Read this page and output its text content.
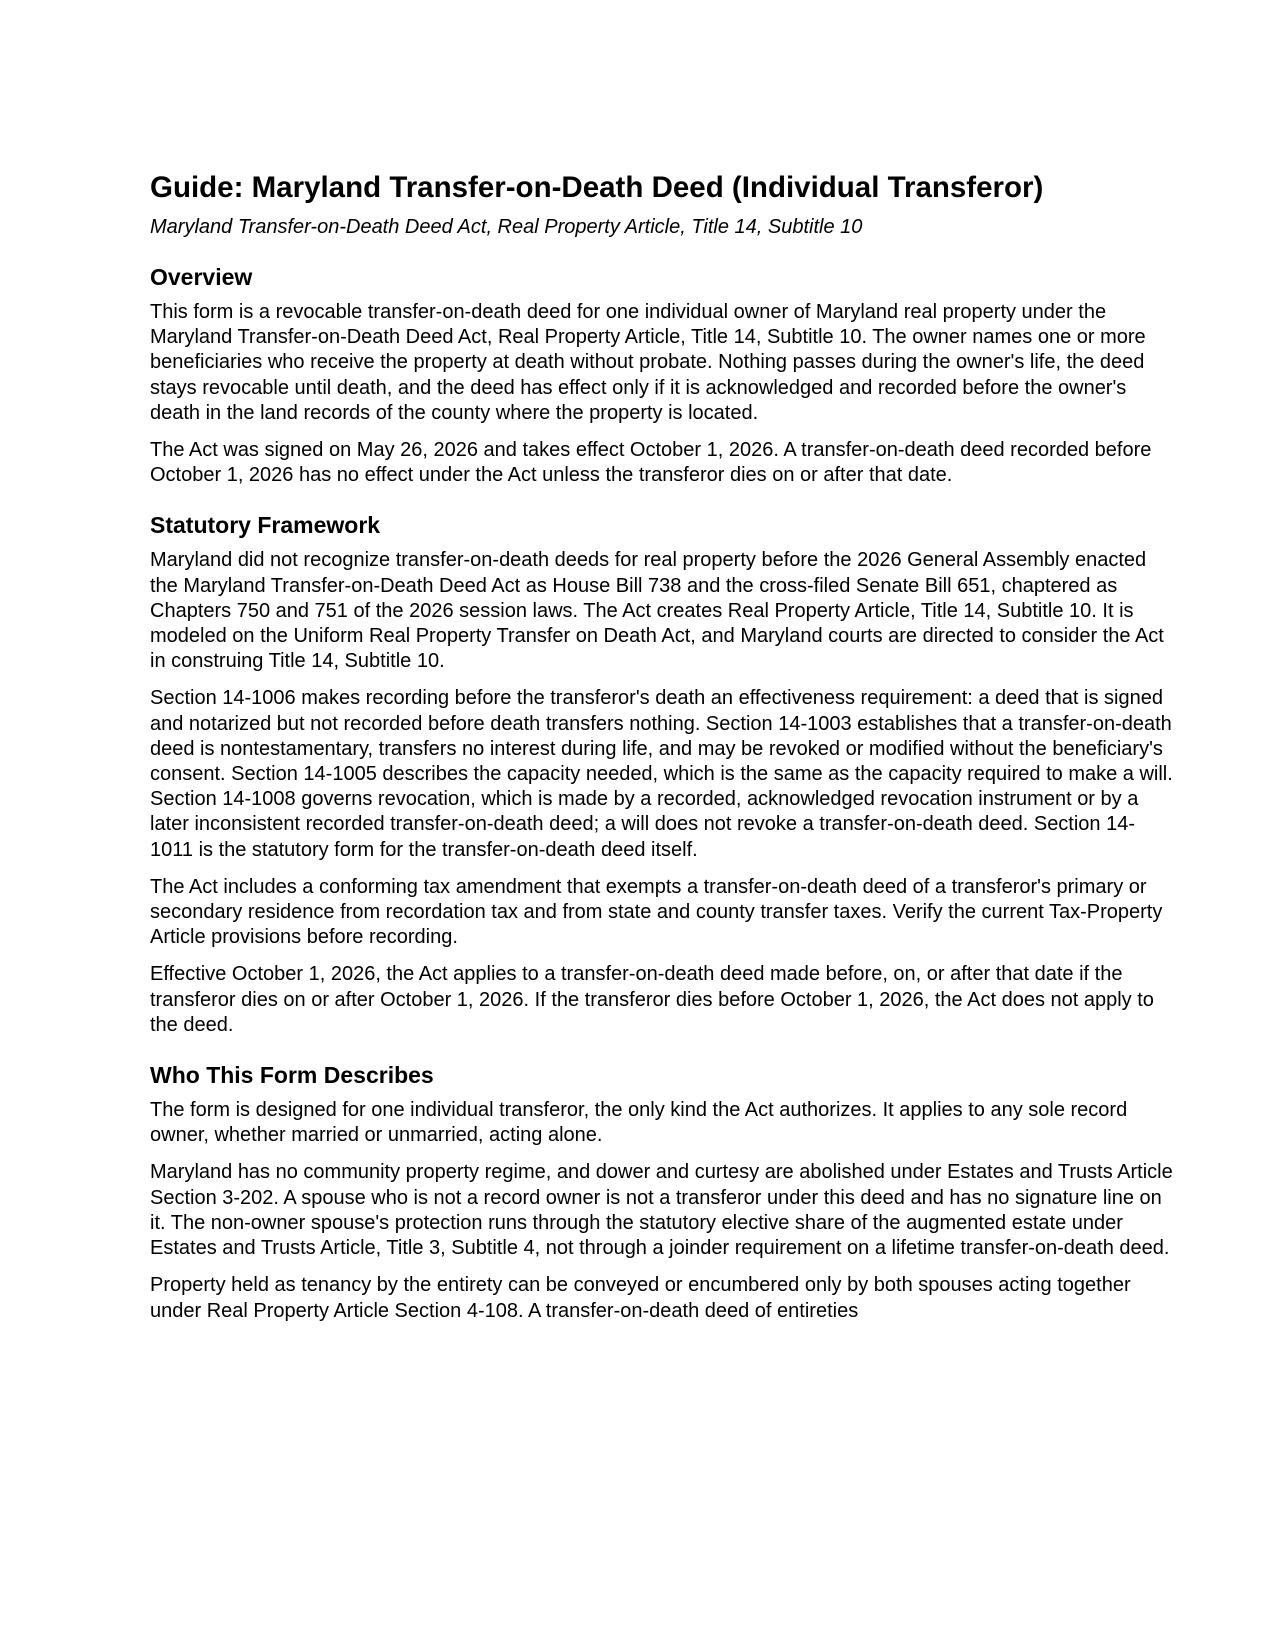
Guide: Maryland Transfer-on-Death Deed (Individual Transferor)

Maryland Transfer-on-Death Deed Act, Real Property Article, Title 14, Subtitle 10

Overview

This form is a revocable transfer-on-death deed for one individual owner of Maryland real property under the Maryland Transfer-on-Death Deed Act, Real Property Article, Title 14, Subtitle 10. The owner names one or more beneficiaries who receive the property at death without probate. Nothing passes during the owner's life, the deed stays revocable until death, and the deed has effect only if it is acknowledged and recorded before the owner's death in the land records of the county where the property is located.

The Act was signed on May 26, 2026 and takes effect October 1, 2026. A transfer-on-death deed recorded before October 1, 2026 has no effect under the Act unless the transferor dies on or after that date.

Statutory Framework

Maryland did not recognize transfer-on-death deeds for real property before the 2026 General Assembly enacted the Maryland Transfer-on-Death Deed Act as House Bill 738 and the cross-filed Senate Bill 651, chaptered as Chapters 750 and 751 of the 2026 session laws. The Act creates Real Property Article, Title 14, Subtitle 10. It is modeled on the Uniform Real Property Transfer on Death Act, and Maryland courts are directed to consider the Act in construing Title 14, Subtitle 10.

Section 14-1006 makes recording before the transferor's death an effectiveness requirement: a deed that is signed and notarized but not recorded before death transfers nothing. Section 14-1003 establishes that a transfer-on-death deed is nontestamentary, transfers no interest during life, and may be revoked or modified without the beneficiary's consent. Section 14-1005 describes the capacity needed, which is the same as the capacity required to make a will. Section 14-1008 governs revocation, which is made by a recorded, acknowledged revocation instrument or by a later inconsistent recorded transfer-on-death deed; a will does not revoke a transfer-on-death deed. Section 14-1011 is the statutory form for the transfer-on-death deed itself.

The Act includes a conforming tax amendment that exempts a transfer-on-death deed of a transferor's primary or secondary residence from recordation tax and from state and county transfer taxes. Verify the current Tax-Property Article provisions before recording.

Effective October 1, 2026, the Act applies to a transfer-on-death deed made before, on, or after that date if the transferor dies on or after October 1, 2026. If the transferor dies before October 1, 2026, the Act does not apply to the deed.

Who This Form Describes

The form is designed for one individual transferor, the only kind the Act authorizes. It applies to any sole record owner, whether married or unmarried, acting alone.

Maryland has no community property regime, and dower and curtesy are abolished under Estates and Trusts Article Section 3-202. A spouse who is not a record owner is not a transferor under this deed and has no signature line on it. The non-owner spouse's protection runs through the statutory elective share of the augmented estate under Estates and Trusts Article, Title 3, Subtitle 4, not through a joinder requirement on a lifetime transfer-on-death deed.

Property held as tenancy by the entirety can be conveyed or encumbered only by both spouses acting together under Real Property Article Section 4-108. A transfer-on-death deed of entireties
